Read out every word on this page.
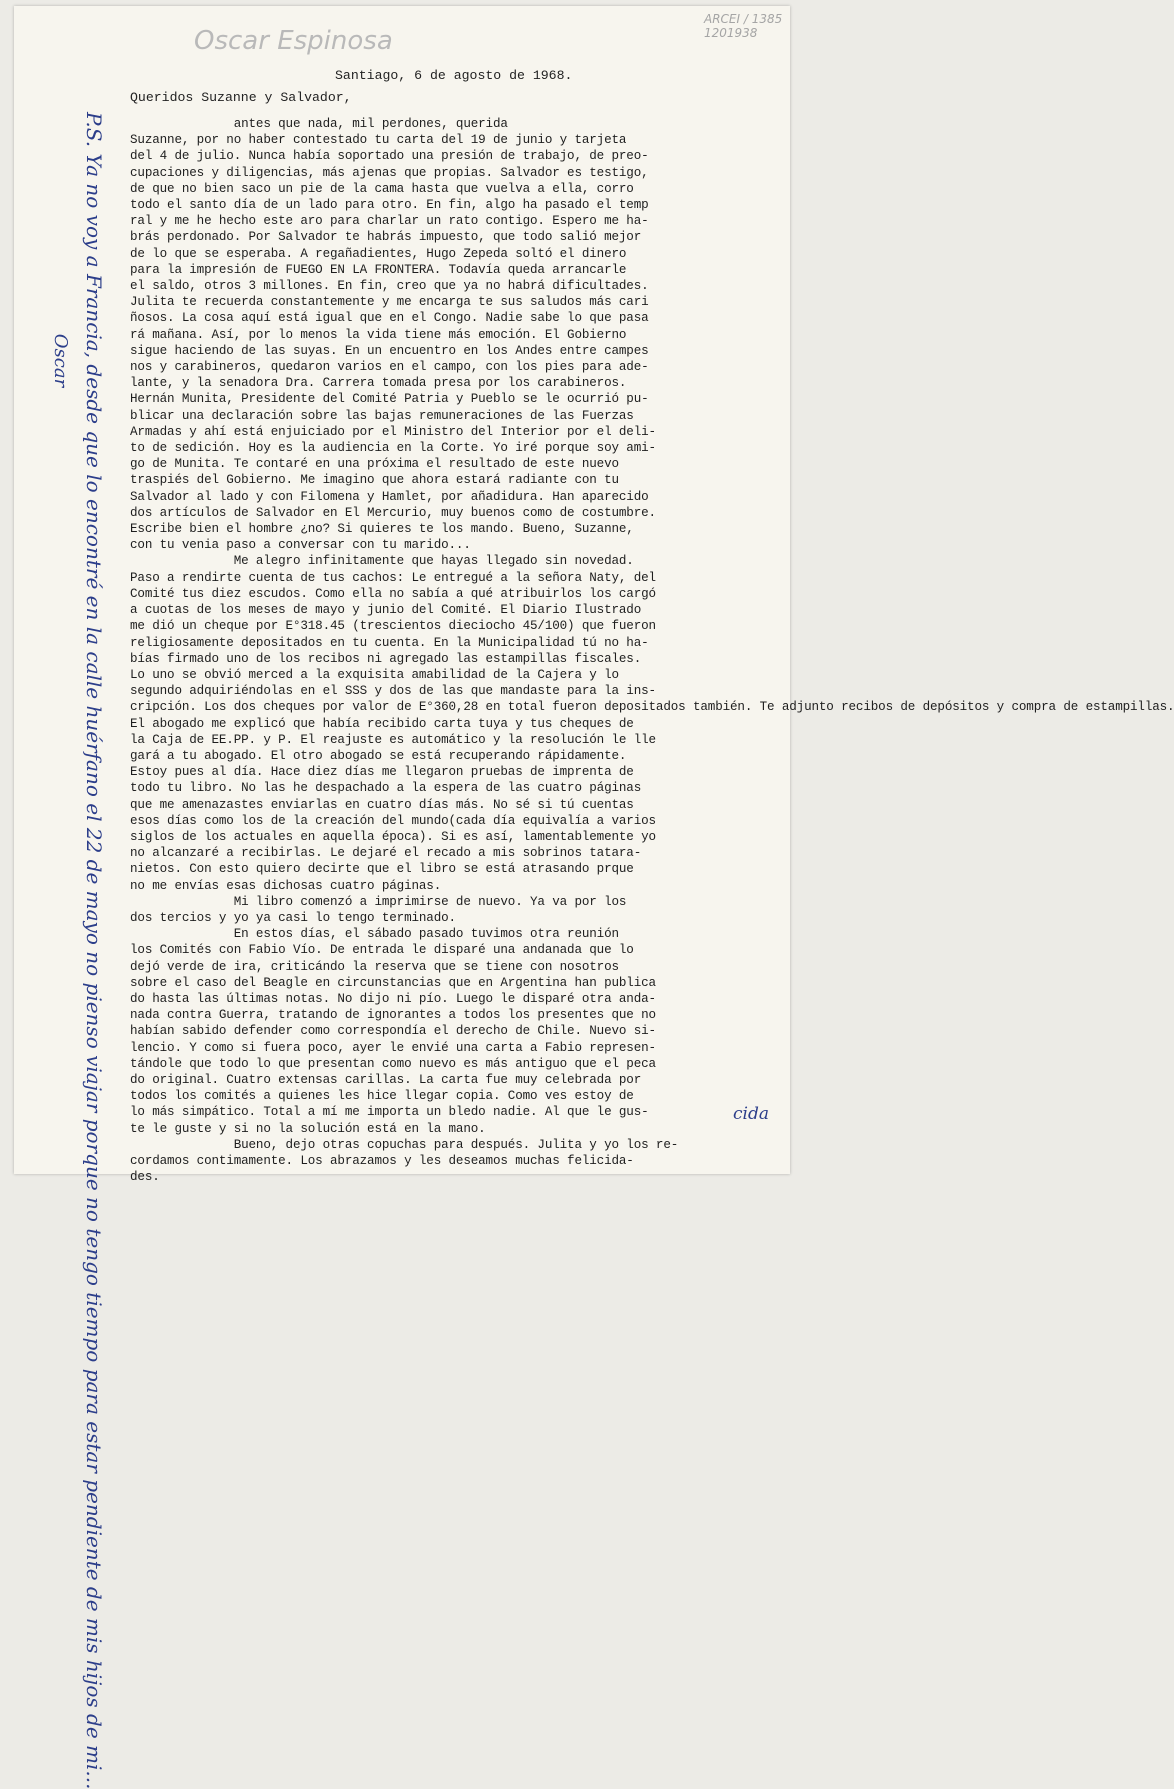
Oscar Espinosa
ARCEI / 1385
1201938
Santiago, 6 de agosto de 1968.
Queridos Suzanne y Salvador,
antes que nada, mil perdones, querida
Suzanne, por no haber contestado tu carta del 19 de junio y tarjeta
del 4 de julio. Nunca había soportado una presión de trabajo, de preo-
cupaciones y diligencias, más ajenas que propias. Salvador es testigo,
de que no bien saco un pie de la cama hasta que vuelva a ella, corro
todo el santo día de un lado para otro. En fin, algo ha pasado el temp
ral y me he hecho este aro para charlar un rato contigo. Espero me ha-
brás perdonado. Por Salvador te habrás impuesto, que todo salió mejor
de lo que se esperaba. A regañadientes, Hugo Zepeda soltó el dinero
para la impresión de FUEGO EN LA FRONTERA. Todavía queda arrancarle
el saldo, otros 3 millones. En fin, creo que ya no habrá dificultades.
Julita te recuerda constantemente y me encarga te sus saludos más cari
ñosos. La cosa aquí está igual que en el Congo. Nadie sabe lo que pasa
rá mañana. Así, por lo menos la vida tiene más emoción. El Gobierno
sigue haciendo de las suyas. En un encuentro en los Andes entre campes
nos y carabineros, quedaron varios en el campo, con los pies para ade-
lante, y la senadora Dra. Carrera tomada presa por los carabineros.
Hernán Munita, Presidente del Comité Patria y Pueblo se le ocurrió pu-
blicar una declaración sobre las bajas remuneraciones de las Fuerzas
Armadas y ahí está enjuiciado por el Ministro del Interior por el deli-
to de sedición. Hoy es la audiencia en la Corte. Yo iré porque soy ami-
go de Munita. Te contaré en una próxima el resultado de este nuevo
traspiés del Gobierno. Me imagino que ahora estará radiante con tu
Salvador al lado y con Filomena y Hamlet, por añadidura. Han aparecido
dos artículos de Salvador en El Mercurio, muy buenos como de costumbre.
Escribe bien el hombre ¿no? Si quieres te los mando. Bueno, Suzanne,
con tu venia paso a conversar con tu marido...
Me alegro infinitamente que hayas llegado sin novedad.
Paso a rendirte cuenta de tus cachos: Le entregué a la señora Naty, del
Comité tus diez escudos. Como ella no sabía a qué atribuirlos los cargó
a cuotas de los meses de mayo y junio del Comité. El Diario Ilustrado
me dió un cheque por E°318.45 (trescientos dieciocho 45/100) que fueron
religiosamente depositados en tu cuenta. En la Municipalidad tú no ha-
bías firmado uno de los recibos ni agregado las estampillas fiscales.
Lo uno se obvió merced a la exquisita amabilidad de la Cajera y lo
segundo adquiriéndolas en el SSS y dos de las que mandaste para la ins-
cripción. Los dos cheques por valor de E°360,28 en total fueron depositados también. Te adjunto recibos de depósitos y compra de estampillas.
El abogado me explicó que había recibido carta tuya y tus cheques de
la Caja de EE.PP. y P. El reajuste es automático y la resolución le lle
gará a tu abogado. El otro abogado se está recuperando rápidamente.
Estoy pues al día. Hace diez días me llegaron pruebas de imprenta de
todo tu libro. No las he despachado a la espera de las cuatro páginas
que me amenazastes enviarlas en cuatro días más. No sé si tú cuentas
esos días como los de la creación del mundo(cada día equivalía a varios
siglos de los actuales en aquella época). Si es así, lamentablemente yo
no alcanzaré a recibirlas. Le dejaré el recado a mis sobrinos tatara-
nietos. Con esto quiero decirte que el libro se está atrasando prque
no me envías esas dichosas cuatro páginas.
Mi libro comenzó a imprimirse de nuevo. Ya va por los
dos tercios y yo ya casi lo tengo terminado.
En estos días, el sábado pasado tuvimos otra reunión
los Comités con Fabio Vío. De entrada le disparé una andanada que lo
dejó verde de ira, criticándo la reserva que se tiene con nosotros
sobre el caso del Beagle en circunstancias que en Argentina han publica
do hasta las últimas notas. No dijo ni pío. Luego le disparé otra anda-
nada contra Guerra, tratando de ignorantes a todos los presentes que no
habían sabido defender como correspondía el derecho de Chile. Nuevo si-
lencio. Y como si fuera poco, ayer le envié una carta a Fabio represen-
tándole que todo lo que presentan como nuevo es más antiguo que el peca
do original. Cuatro extensas carillas. La carta fue muy celebrada por
todos los comités a quienes les hice llegar copia. Como ves estoy de
lo más simpático. Total a mí me importa un bledo nadie. Al que le gus-
te le guste y si no la solución está en la mano.
Bueno, dejo otras copuchas para después. Julita y yo los re-
cordamos contimamente. Los abrazamos y les deseamos muchas felicida-
des.
P.S. Ya no voy a Francia, desde que lo encontré en la calle huérfano el 22 de mayo no pienso viajar porque no tengo tiempo para estar pendiente de mis hijos de mi...
Oscar
cida
